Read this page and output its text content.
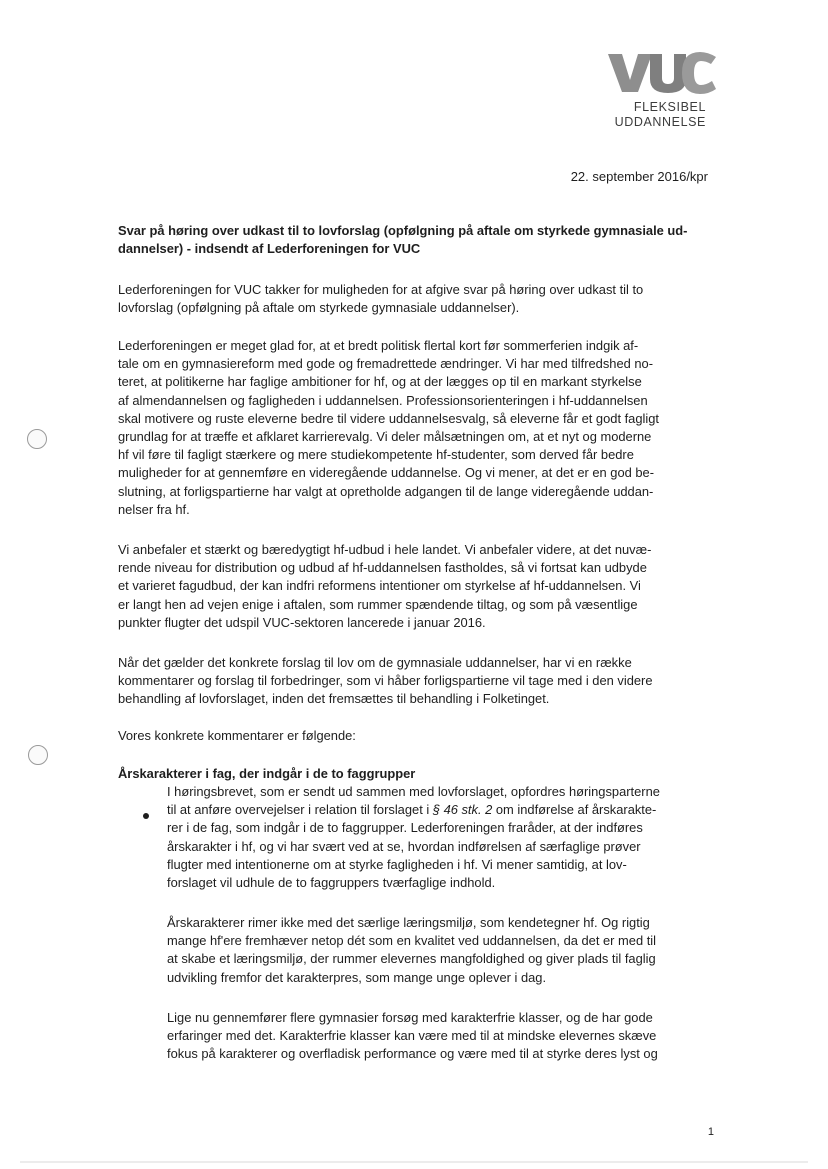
FLEKSIBEL
UDDANNELSE
22. september 2016/kpr
Svar på høring over udkast til to lovforslag (opfølgning på aftale om styrkede gymnasiale ud-
dannelser) - indsendt af Lederforeningen for VUC
Lederforeningen for VUC takker for muligheden for at afgive svar på høring over udkast til to
lovforslag (opfølgning på aftale om styrkede gymnasiale uddannelser).
Lederforeningen er meget glad for, at et bredt politisk flertal kort før sommerferien indgik af-
tale om en gymnasiereform med gode og fremadrettede ændringer. Vi har med tilfredshed no-
teret, at politikerne har faglige ambitioner for hf, og at der lægges op til en markant styrkelse
af almendannelsen og fagligheden i uddannelsen. Professionsorienteringen i hf-uddannelsen
skal motivere og ruste eleverne bedre til videre uddannelsesvalg, så eleverne får et godt fagligt
grundlag for at træffe et afklaret karrierevalg. Vi deler målsætningen om, at et nyt og moderne
hf vil føre til fagligt stærkere og mere studiekompetente hf-studenter, som derved får bedre
muligheder for at gennemføre en videregående uddannelse. Og vi mener, at det er en god be-
slutning, at forligspartierne har valgt at opretholde adgangen til de lange videregående uddan-
nelser fra hf.
Vi anbefaler et stærkt og bæredygtigt hf-udbud i hele landet. Vi anbefaler videre, at det nuvæ-
rende niveau for distribution og udbud af hf-uddannelsen fastholdes, så vi fortsat kan udbyde
et varieret fagudbud, der kan indfri reformens intentioner om styrkelse af hf-uddannelsen. Vi
er langt hen ad vejen enige i aftalen, som rummer spændende tiltag, og som på væsentlige
punkter flugter det udspil VUC-sektoren lancerede i januar 2016.
Når det gælder det konkrete forslag til lov om de gymnasiale uddannelser, har vi en række
kommentarer og forslag til forbedringer, som vi håber forligspartierne vil tage med i den videre
behandling af lovforslaget, inden det fremsættes til behandling i Folketinget.
Vores konkrete kommentarer er følgende:
Årskarakterer i fag, der indgår i de to faggrupper
I høringsbrevet, som er sendt ud sammen med lovforslaget, opfordres høringsparterne
til at anføre overvejelser i relation til forslaget i § 46 stk. 2 om indførelse af årskarakte-
rer i de fag, som indgår i de to faggrupper. Lederforeningen fraråder, at der indføres
årskarakter i hf, og vi har svært ved at se, hvordan indførelsen af særfaglige prøver
flugter med intentionerne om at styrke fagligheden i hf. Vi mener samtidig, at lov-
forslaget vil udhule de to faggruppers tværfaglige indhold.
Årskarakterer rimer ikke med det særlige læringsmiljø, som kendetegner hf. Og rigtig
mange hf'ere fremhæver netop dét som en kvalitet ved uddannelsen, da det er med til
at skabe et læringsmiljø, der rummer elevernes mangfoldighed og giver plads til faglig
udvikling fremfor det karakterpres, som mange unge oplever i dag.
Lige nu gennemfører flere gymnasier forsøg med karakterfrie klasser, og de har gode
erfaringer med det. Karakterfrie klasser kan være med til at mindske elevernes skæve
fokus på karakterer og overfladisk performance og være med til at styrke deres lyst og
1
